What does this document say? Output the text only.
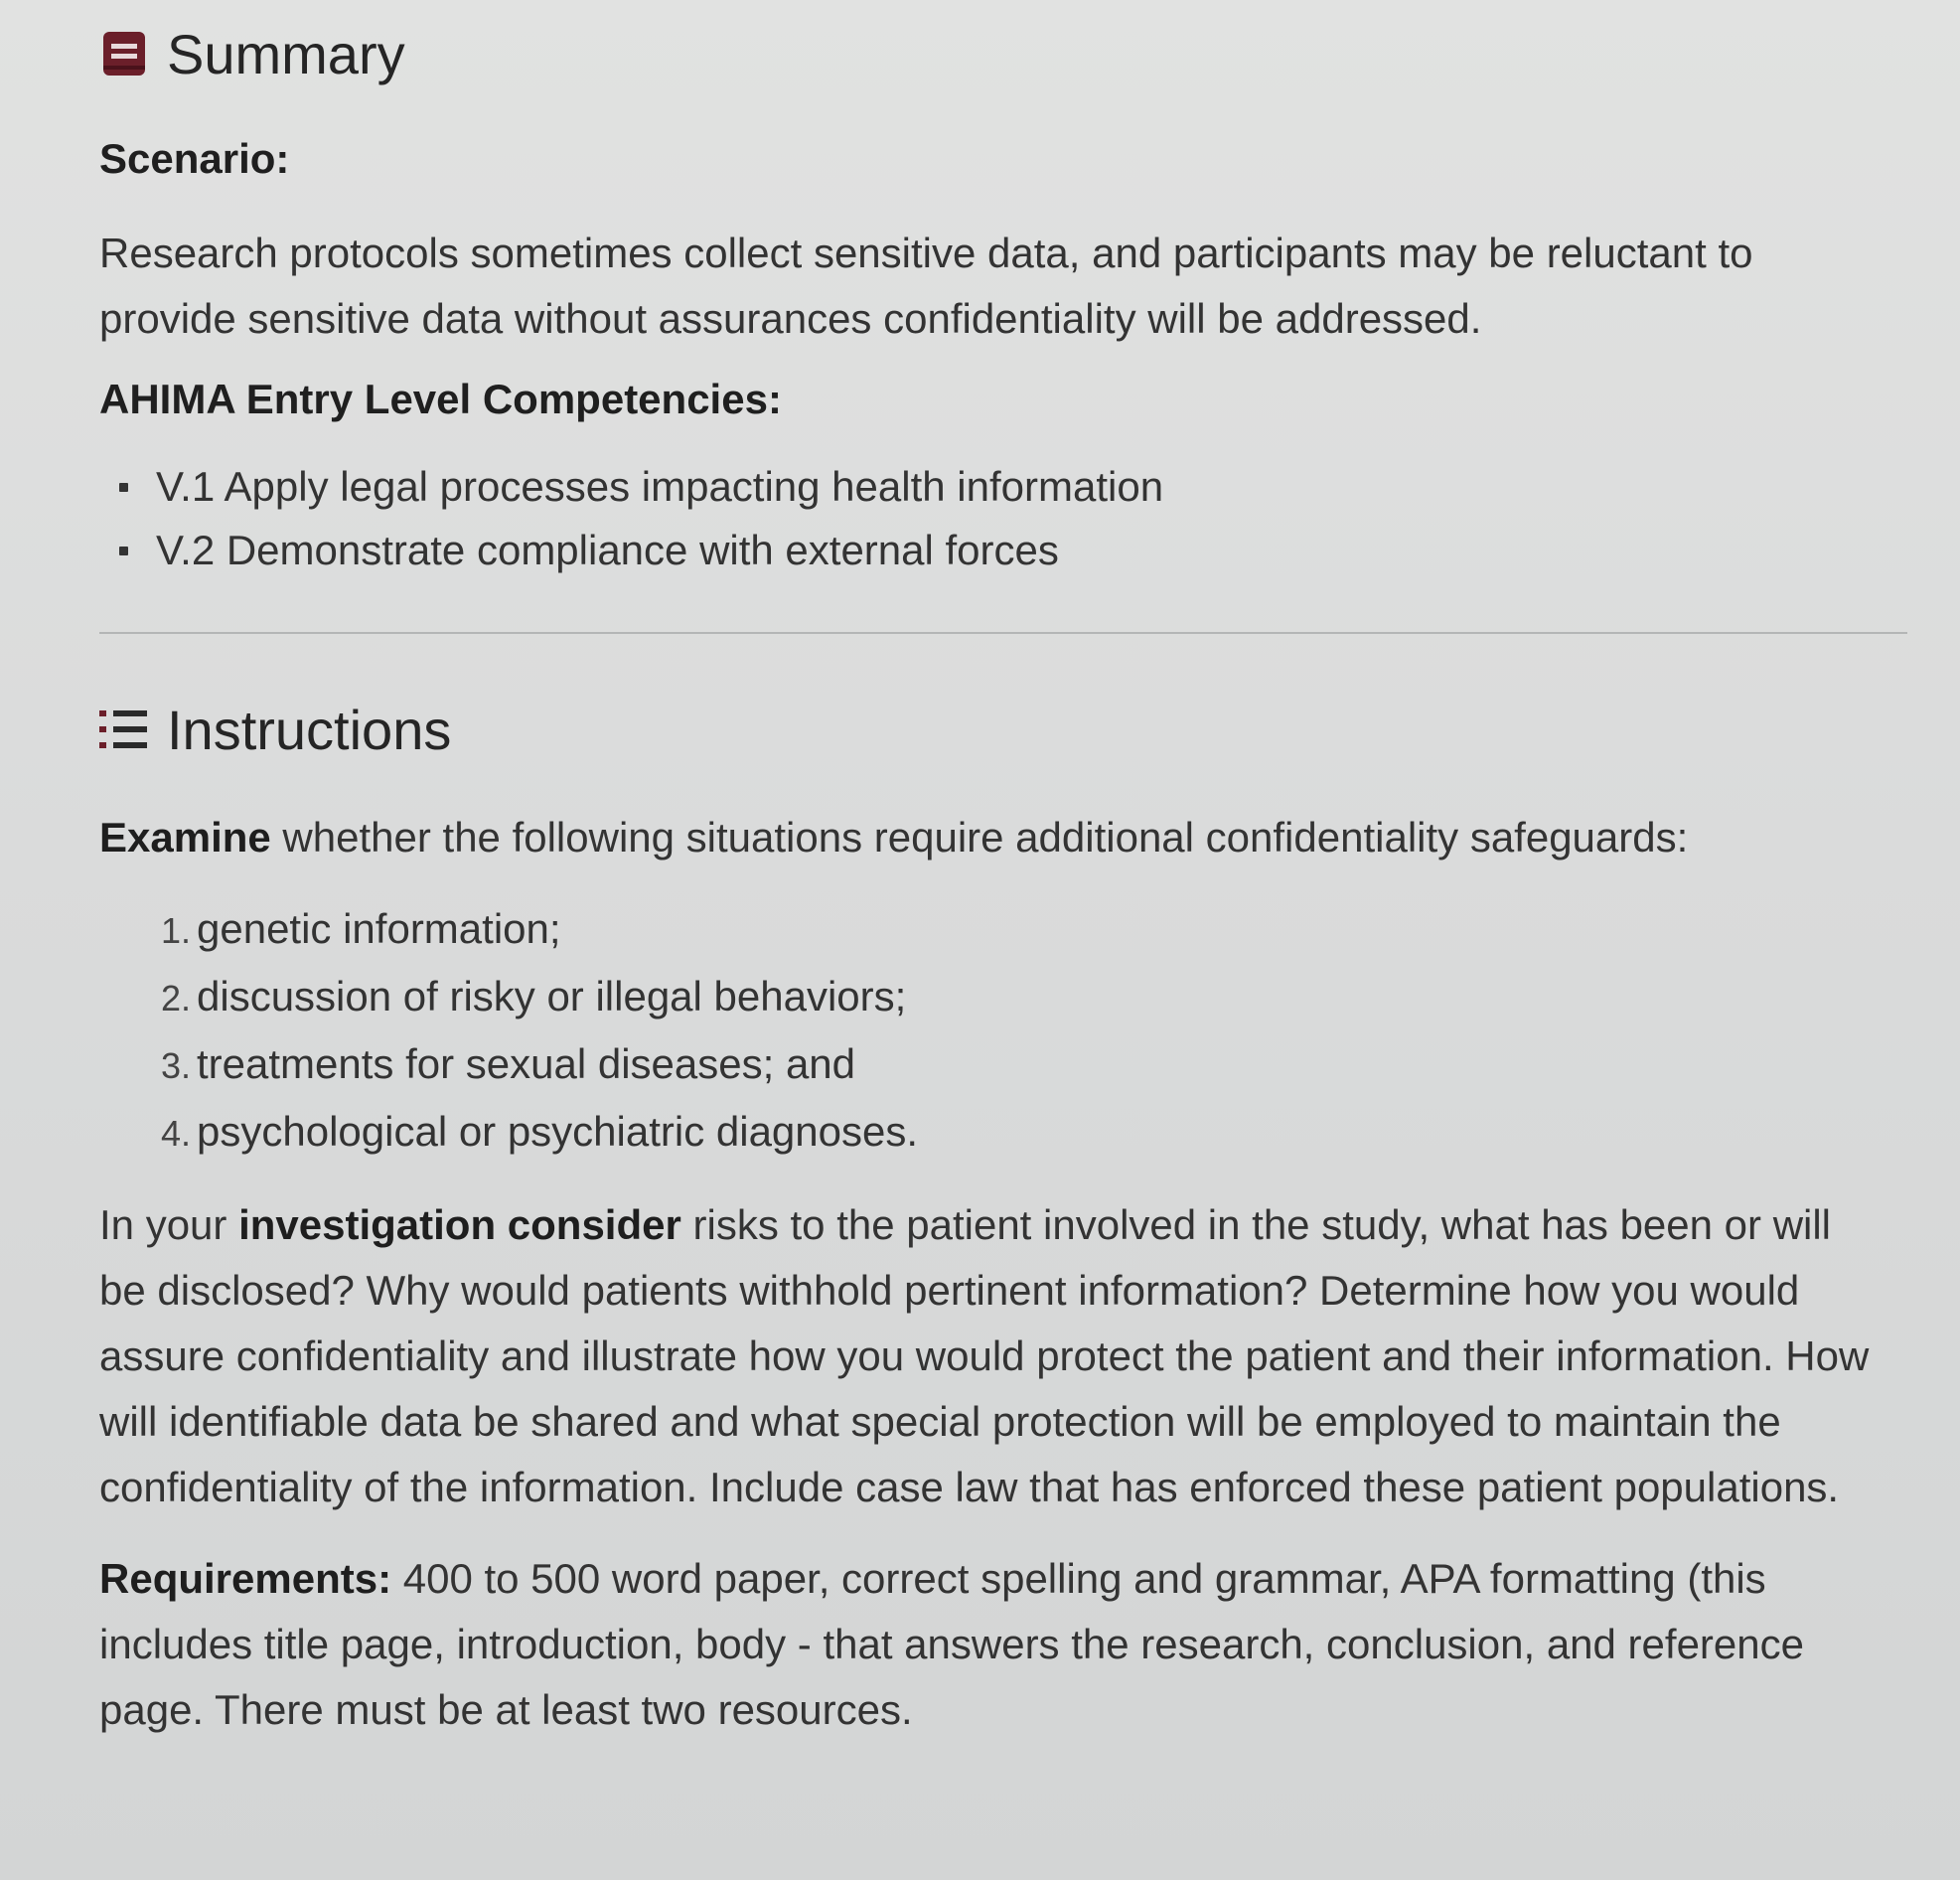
Summary
Scenario:

Research protocols sometimes collect sensitive data, and participants may be reluctant to provide sensitive data without assurances confidentiality will be addressed.

AHIMA Entry Level Competencies:
V.1 Apply legal processes impacting health information
V.2 Demonstrate compliance with external forces
Instructions
Examine whether the following situations require additional confidentiality safeguards:
1. genetic information;
2. discussion of risky or illegal behaviors;
3. treatments for sexual diseases; and
4. psychological or psychiatric diagnoses.

In your investigation consider risks to the patient involved in the study, what has been or will be disclosed? Why would patients withhold pertinent information? Determine how you would assure confidentiality and illustrate how you would protect the patient and their information. How will identifiable data be shared and what special protection will be employed to maintain the confidentiality of the information. Include case law that has enforced these patient populations.

Requirements: 400 to 500 word paper, correct spelling and grammar, APA formatting (this includes title page, introduction, body - that answers the research, conclusion, and reference page. There must be at least two resources.
